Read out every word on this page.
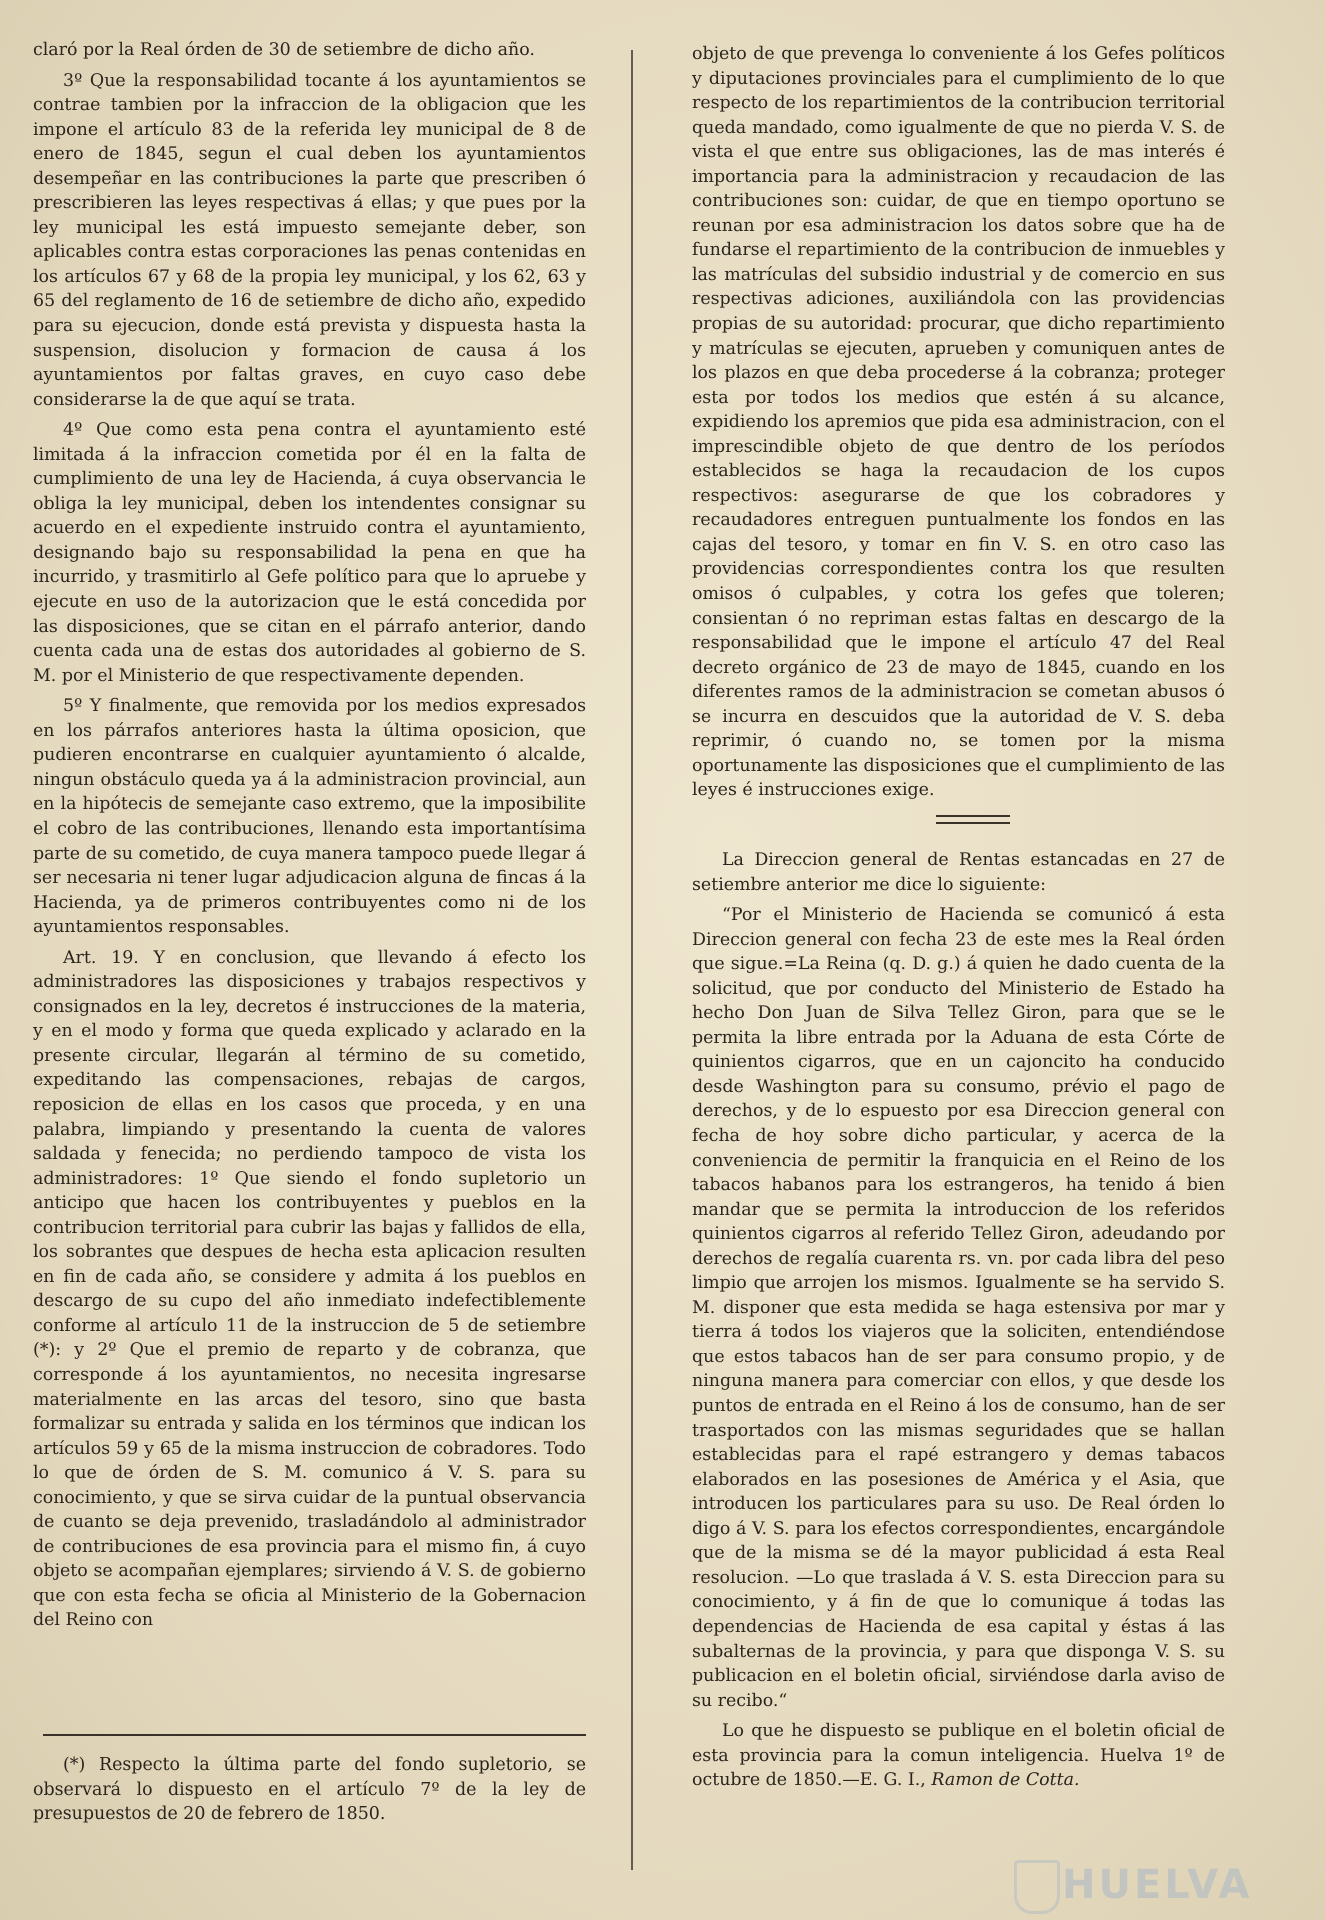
claró por la Real órden de 30 de setiembre de dicho año.

3º Que la responsabilidad tocante á los ayuntamientos se contrae tambien por la infraccion de la obligacion que les impone el artículo 83 de la referida ley municipal de 8 de enero de 1845, segun el cual deben los ayuntamientos desempeñar en las contribuciones la parte que prescriben ó prescribieren las leyes respectivas á ellas; y que pues por la ley municipal les está impuesto semejante deber, son aplicables contra estas corporaciones las penas contenidas en los artículos 67 y 68 de la propia ley municipal, y los 62, 63 y 65 del reglamento de 16 de setiembre de dicho año, expedido para su ejecucion, donde está prevista y dispuesta hasta la suspension, disolucion y formacion de causa á los ayuntamientos por faltas graves, en cuyo caso debe considerarse la de que aquí se trata.

4º Que como esta pena contra el ayuntamiento esté limitada á la infraccion cometida por él en la falta de cumplimiento de una ley de Hacienda, á cuya observancia le obliga la ley municipal, deben los intendentes consignar su acuerdo en el expediente instruido contra el ayuntamiento, designando bajo su responsabilidad la pena en que ha incurrido, y trasmitirlo al Gefe político para que lo apruebe y ejecute en uso de la autorizacion que le está concedida por las disposiciones, que se citan en el párrafo anterior, dando cuenta cada una de estas dos autoridades al gobierno de S. M. por el Ministerio de que respectivamente dependen.

5º Y finalmente, que removida por los medios expresados en los párrafos anteriores hasta la última oposicion, que pudieren encontrarse en cualquier ayuntamiento ó alcalde, ningun obstáculo queda ya á la administracion provincial, aun en la hipótecis de semejante caso extremo, que la imposibilite el cobro de las contribuciones, llenando esta importantísima parte de su cometido, de cuya manera tampoco puede llegar á ser necesaria ni tener lugar adjudicacion alguna de fincas á la Hacienda, ya de primeros contribuyentes como ni de los ayuntamientos responsables.

Art. 19. Y en conclusion, que llevando á efecto los administradores las disposiciones y trabajos respectivos y consignados en la ley, decretos é instrucciones de la materia, y en el modo y forma que queda explicado y aclarado en la presente circular, llegarán al término de su cometido, expeditando las compensaciones, rebajas de cargos, reposicion de ellas en los casos que proceda, y en una palabra, limpiando y presentando la cuenta de valores saldada y fenecida; no perdiendo tampoco de vista los administradores: 1º Que siendo el fondo supletorio un anticipo que hacen los contribuyentes y pueblos en la contribucion territorial para cubrir las bajas y fallidos de ella, los sobrantes que despues de hecha esta aplicacion resulten en fin de cada año, se considere y admita á los pueblos en descargo de su cupo del año inmediato indefectiblemente conforme al artículo 11 de la instruccion de 5 de setiembre (*): y 2º Que el premio de reparto y de cobranza, que corresponde á los ayuntamientos, no necesita ingresarse materialmente en las arcas del tesoro, sino que basta formalizar su entrada y salida en los términos que indican los artículos 59 y 65 de la misma instruccion de cobradores. Todo lo que de órden de S. M. comunico á V. S. para su conocimiento, y que se sirva cuidar de la puntual observancia de cuanto se deja prevenido, trasladándolo al administrador de contribuciones de esa provincia para el mismo fin, á cuyo objeto se acompañan ejemplares; sirviendo á V. S. de gobierno que con esta fecha se oficia al Ministerio de la Gobernacion del Reino con

(*) Respecto la última parte del fondo supletorio, se observará lo dispuesto en el artículo 7º de la ley de presupuestos de 20 de febrero de 1850.

objeto de que prevenga lo conveniente á los Gefes políticos y diputaciones provinciales para el cumplimiento de lo que respecto de los repartimientos de la contribucion territorial queda mandado, como igualmente de que no pierda V. S. de vista el que entre sus obligaciones, las de mas interés é importancia para la administracion y recaudacion de las contribuciones son: cuidar, de que en tiempo oportuno se reunan por esa administracion los datos sobre que ha de fundarse el repartimiento de la contribucion de inmuebles y las matrículas del subsidio industrial y de comercio en sus respectivas adiciones, auxiliándola con las providencias propias de su autoridad: procurar, que dicho repartimiento y matrículas se ejecuten, aprueben y comuniquen antes de los plazos en que deba procederse á la cobranza; proteger esta por todos los medios que estén á su alcance, expidiendo los apremios que pida esa administracion, con el imprescindible objeto de que dentro de los períodos establecidos se haga la recaudacion de los cupos respectivos: asegurarse de que los cobradores y recaudadores entreguen puntualmente los fondos en las cajas del tesoro, y tomar en fin V. S. en otro caso las providencias correspondientes contra los que resulten omisos ó culpables, y cotra los gefes que toleren; consientan ó no repriman estas faltas en descargo de la responsabilidad que le impone el artículo 47 del Real decreto orgánico de 23 de mayo de 1845, cuando en los diferentes ramos de la administracion se cometan abusos ó se incurra en descuidos que la autoridad de V. S. deba reprimir, ó cuando no, se tomen por la misma oportunamente las disposiciones que el cumplimiento de las leyes é instrucciones exige.

La Direccion general de Rentas estancadas en 27 de setiembre anterior me dice lo siguiente:

“Por el Ministerio de Hacienda se comunicó á esta Direccion general con fecha 23 de este mes la Real órden que sigue.=La Reina (q. D. g.) á quien he dado cuenta de la solicitud, que por conducto del Ministerio de Estado ha hecho Don Juan de Silva Tellez Giron, para que se le permita la libre entrada por la Aduana de esta Córte de quinientos cigarros, que en un cajoncito ha conducido desde Washington para su consumo, prévio el pago de derechos, y de lo espuesto por esa Direccion general con fecha de hoy sobre dicho particular, y acerca de la conveniencia de permitir la franquicia en el Reino de los tabacos habanos para los estrangeros, ha tenido á bien mandar que se permita la introduccion de los referidos quinientos cigarros al referido Tellez Giron, adeudando por derechos de regalía cuarenta rs. vn. por cada libra del peso limpio que arrojen los mismos. Igualmente se ha servido S. M. disponer que esta medida se haga estensiva por mar y tierra á todos los viajeros que la soliciten, entendiéndose que estos tabacos han de ser para consumo propio, y de ninguna manera para comerciar con ellos, y que desde los puntos de entrada en el Reino á los de consumo, han de ser trasportados con las mismas seguridades que se hallan establecidas para el rapé estrangero y demas tabacos elaborados en las posesiones de América y el Asia, que introducen los particulares para su uso. De Real órden lo digo á V. S. para los efectos correspondientes, encargándole que de la misma se dé la mayor publicidad á esta Real resolucion. —Lo que traslada á V. S. esta Direccion para su conocimiento, y á fin de que lo comunique á todas las dependencias de Hacienda de esa capital y éstas á las subalternas de la provincia, y para que disponga V. S. su publicacion en el boletin oficial, sirviéndose darla aviso de su recibo.“

Lo que he dispuesto se publique en el boletin oficial de esta provincia para la comun inteligencia. Huelva 1º de octubre de 1850.—E. G. I., Ramon de Cotta.

HUELVA
